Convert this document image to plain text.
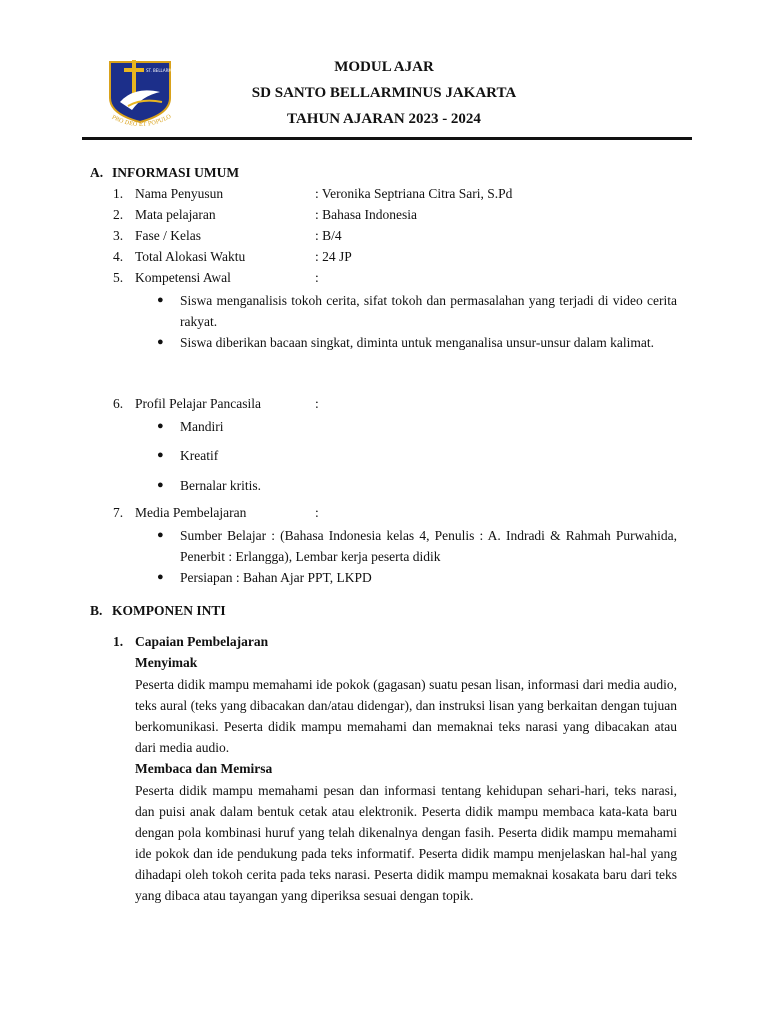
ST. BELLARMINUS
PRO DEO ET POPULO
MODUL AJAR
SD SANTO BELLARMINUS JAKARTA
TAHUN AJARAN 2023 - 2024
A. INFORMASI UMUM
1. Nama Penyusun	: Veronika Septriana Citra Sari, S.Pd
2. Mata pelajaran	: Bahasa Indonesia
3. Fase / Kelas	: B/4
4. Total Alokasi Waktu	: 24 JP
5. Kompetensi Awal	:
● Siswa menganalisis tokoh cerita, sifat tokoh dan permasalahan yang terjadi di video cerita rakyat.
● Siswa diberikan bacaan singkat, diminta untuk menganalisa unsur-unsur dalam kalimat.
6. Profil Pelajar Pancasila	:
● Mandiri
● Kreatif
● Bernalar kritis.
7. Media Pembelajaran	:
● Sumber Belajar : (Bahasa Indonesia kelas 4, Penulis : A. Indradi & Rahmah Purwahida, Penerbit : Erlangga), Lembar kerja peserta didik
● Persiapan : Bahan Ajar PPT, LKPD
B. KOMPONEN INTI
1. Capaian Pembelajaran
Menyimak
Peserta didik mampu memahami ide pokok (gagasan) suatu pesan lisan, informasi dari media audio, teks aural (teks yang dibacakan dan/atau didengar), dan instruksi lisan yang berkaitan dengan tujuan berkomunikasi. Peserta didik mampu memahami dan memaknai teks narasi yang dibacakan atau dari media audio.
Membaca dan Memirsa
Peserta didik mampu memahami pesan dan informasi tentang kehidupan sehari-hari, teks narasi, dan puisi anak dalam bentuk cetak atau elektronik. Peserta didik mampu membaca kata-kata baru dengan pola kombinasi huruf yang telah dikenalnya dengan fasih. Peserta didik mampu memahami ide pokok dan ide pendukung pada teks informatif. Peserta didik mampu menjelaskan hal-hal yang dihadapi oleh tokoh cerita pada teks narasi. Peserta didik mampu memaknai kosakata baru dari teks yang dibaca atau tayangan yang diperiksa sesuai dengan topik.
